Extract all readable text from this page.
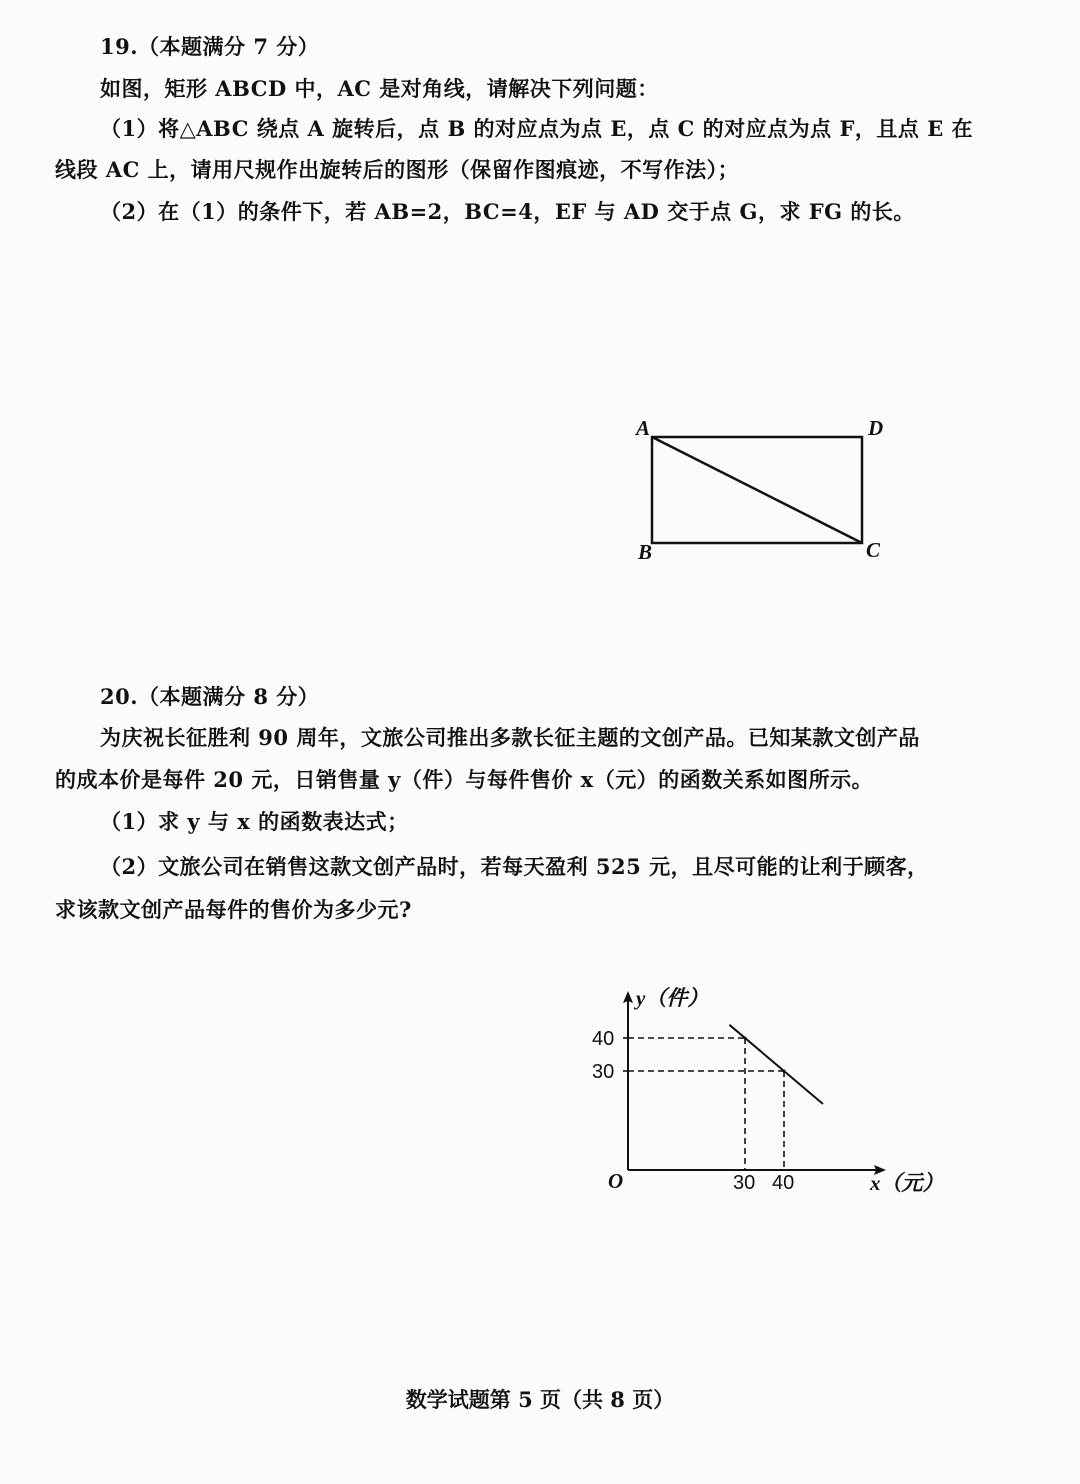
19.（本题满分 7 分）
如图，矩形 ABCD 中，AC 是对角线，请解决下列问题：
（1）将△ABC 绕点 A 旋转后，点 B 的对应点为点 E，点 C 的对应点为点 F，且点 E 在
线段 AC 上，请用尺规作出旋转后的图形（保留作图痕迹，不写作法）；
（2）在（1）的条件下，若 AB=2，BC=4，EF 与 AD 交于点 G，求 FG 的长。
A	D
B	C
20.（本题满分 8 分）
为庆祝长征胜利 90 周年，文旅公司推出多款长征主题的文创产品。已知某款文创产品
的成本价是每件 20 元，日销售量 y（件）与每件售价 x（元）的函数关系如图所示。
（1）求 y 与 x 的函数表达式；
（2）文旅公司在销售这款文创产品时，若每天盈利 525 元，且尽可能的让利于顾客，
求该款文创产品每件的售价为多少元?
O	x（元）
y（件）
30 40
40
30
数学试题第 5 页（共 8 页）
